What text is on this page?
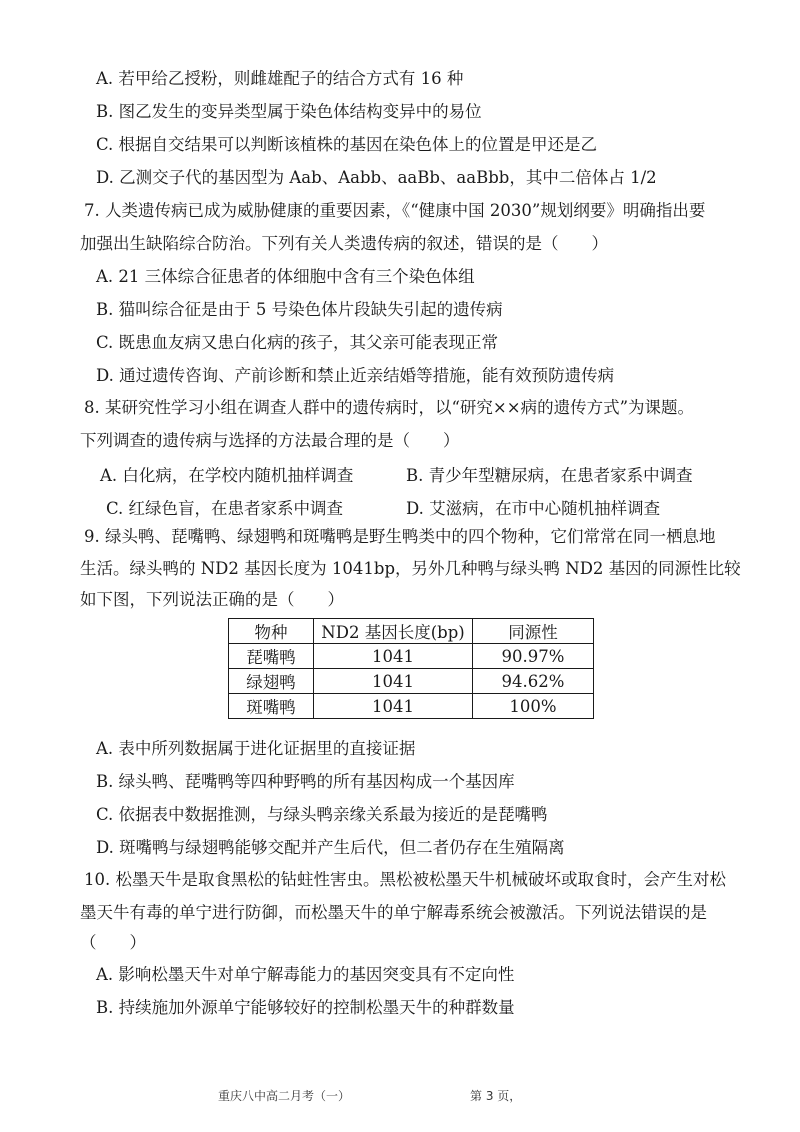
A. 若甲给乙授粉，则雌雄配子的结合方式有 16 种
B. 图乙发生的变异类型属于染色体结构变异中的易位
C. 根据自交结果可以判断该植株的基因在染色体上的位置是甲还是乙
D. 乙测交子代的基因型为 Aab、Aabb、aaBb、aaBbb，其中二倍体占 1/2
7. 人类遗传病已成为威胁健康的重要因素，《“健康中国 2030”规划纲要》明确指出要
加强出生缺陷综合防治。下列有关人类遗传病的叙述，错误的是（　　）
A. 21 三体综合征患者的体细胞中含有三个染色体组
B. 猫叫综合征是由于 5 号染色体片段缺失引起的遗传病
C. 既患血友病又患白化病的孩子，其父亲可能表现正常
D. 通过遗传咨询、产前诊断和禁止近亲结婚等措施，能有效预防遗传病
8. 某研究性学习小组在调查人群中的遗传病时，以“研究××病的遗传方式”为课题。
下列调查的遗传病与选择的方法最合理的是（　　）
A. 白化病，在学校内随机抽样调查	B. 青少年型糖尿病，在患者家系中调查
C. 红绿色盲，在患者家系中调查	D. 艾滋病，在市中心随机抽样调查
9. 绿头鸭、琵嘴鸭、绿翅鸭和斑嘴鸭是野生鸭类中的四个物种，它们常常在同一栖息地
生活。绿头鸭的 ND2 基因长度为 1041bp，另外几种鸭与绿头鸭 ND2 基因的同源性比较
如下图，下列说法正确的是（　　）
物种	ND2 基因长度(bp)	同源性
琵嘴鸭	1041	90.97%
绿翅鸭	1041	94.62%
斑嘴鸭	1041	100%
A. 表中所列数据属于进化证据里的直接证据
B. 绿头鸭、琵嘴鸭等四种野鸭的所有基因构成一个基因库
C. 依据表中数据推测，与绿头鸭亲缘关系最为接近的是琵嘴鸭
D. 斑嘴鸭与绿翅鸭能够交配并产生后代，但二者仍存在生殖隔离
10. 松墨天牛是取食黑松的钻蛀性害虫。黑松被松墨天牛机械破坏或取食时，会产生对松
墨天牛有毒的单宁进行防御，而松墨天牛的单宁解毒系统会被激活。下列说法错误的是
（　　）
A. 影响松墨天牛对单宁解毒能力的基因突变具有不定向性
B. 持续施加外源单宁能够较好的控制松墨天牛的种群数量
重庆八中高二月考（一）	第 3 页，
